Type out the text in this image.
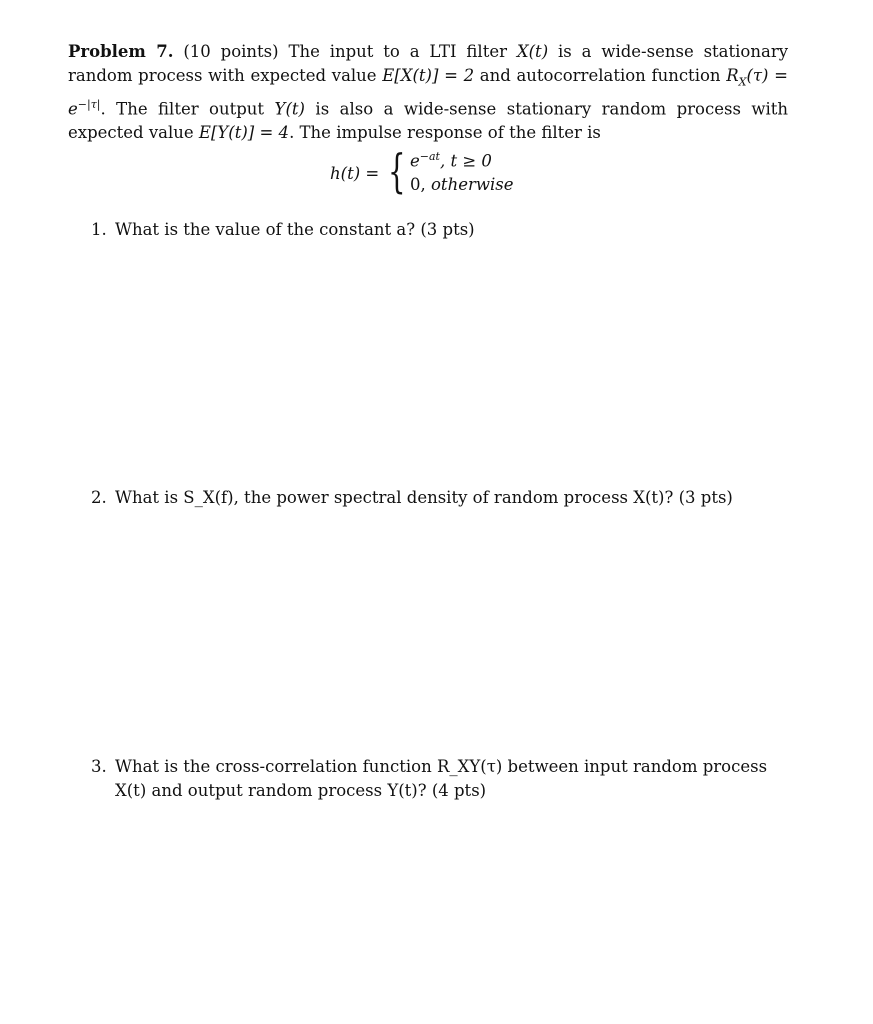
Problem 7. (10 points) The input to a LTI filter X(t) is a wide-sense stationary random process with expected value E[X(t)] = 2 and autocorrelation function $R_X(\tau) = e^{-|\tau|}$. The filter output Y(t) is also a wide-sense stationary random process with expected value E[Y(t)] = 4. The impulse response of the filter is
h(t) = { $e^{-at}$, t ≥ 0
0, otherwise
1. What is the value of the constant a? (3 pts)
2. What is S_X(f), the power spectral density of random process X(t)? (3 pts)
3. What is the cross-correlation function R_XY(τ) between input random process X(t) and output random process Y(t)? (4 pts)
